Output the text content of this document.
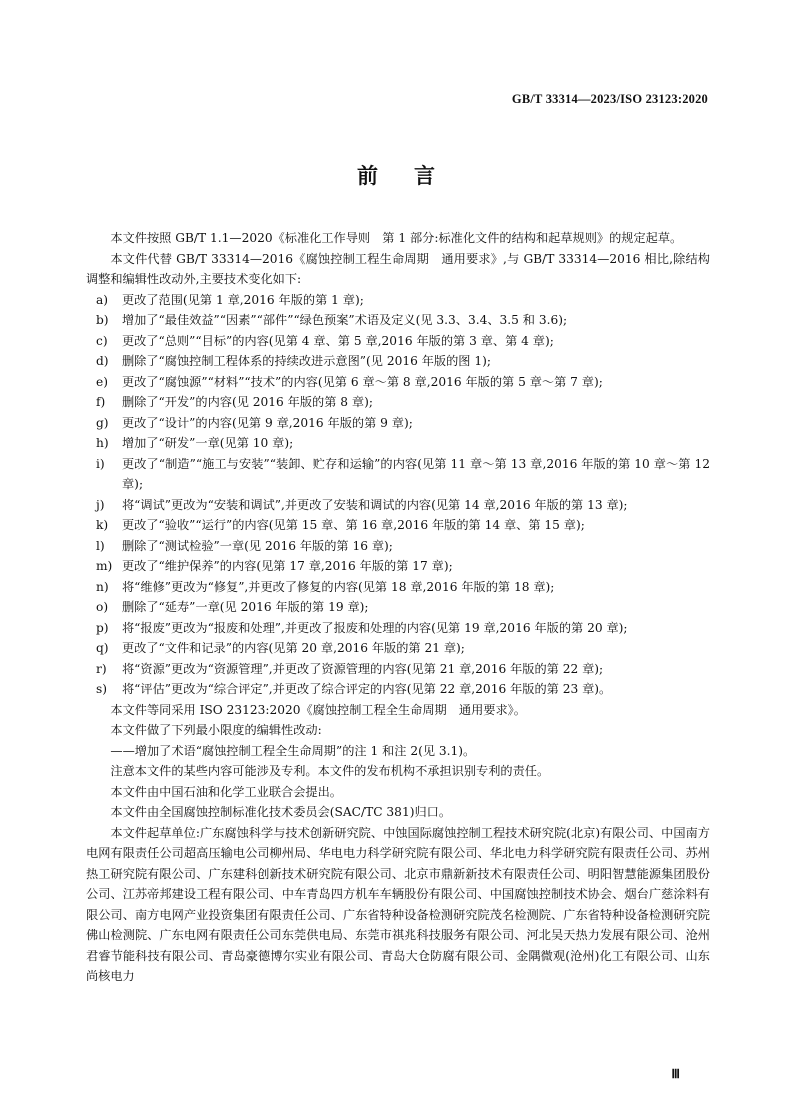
GB/T 33314—2023/ISO 23123:2020
前言

本文件按照 GB/T 1.1—2020《标准化工作导则　第 1 部分:标准化文件的结构和起草规则》的规定起草。

本文件代替 GB/T 33314—2016《腐蚀控制工程生命周期　通用要求》,与 GB/T 33314—2016 相比,除结构调整和编辑性改动外,主要技术变化如下:

a)	更改了范围(见第 1 章,2016 年版的第 1 章);

b)	增加了“最佳效益”“因素”“部件”“绿色预案”术语及定义(见 3.3、3.4、3.5 和 3.6);

c)	更改了“总则”“目标”的内容(见第 4 章、第 5 章,2016 年版的第 3 章、第 4 章);

d)	删除了“腐蚀控制工程体系的持续改进示意图”(见 2016 年版的图 1);

e)	更改了“腐蚀源”“材料”“技术”的内容(见第 6 章～第 8 章,2016 年版的第 5 章～第 7 章);

f)	删除了“开发”的内容(见 2016 年版的第 8 章);

g)	更改了“设计”的内容(见第 9 章,2016 年版的第 9 章);

h)	增加了“研发”一章(见第 10 章);

i)	更改了“制造”“施工与安装”“装卸、贮存和运输”的内容(见第 11 章～第 13 章,2016 年版的第 10 章～第 12 章);

j)	将“调试”更改为“安装和调试”,并更改了安装和调试的内容(见第 14 章,2016 年版的第 13 章);

k)	更改了“验收”“运行”的内容(见第 15 章、第 16 章,2016 年版的第 14 章、第 15 章);

l)	删除了“测试检验”一章(见 2016 年版的第 16 章);

m) 更改了“维护保养”的内容(见第 17 章,2016 年版的第 17 章);

n)	将“维修”更改为“修复”,并更改了修复的内容(见第 18 章,2016 年版的第 18 章);

o)	删除了“延寿”一章(见 2016 年版的第 19 章);

p)	将“报废”更改为“报废和处理”,并更改了报废和处理的内容(见第 19 章,2016 年版的第 20 章);

q)	更改了“文件和记录”的内容(见第 20 章,2016 年版的第 21 章);

r)	将“资源”更改为“资源管理”,并更改了资源管理的内容(见第 21 章,2016 年版的第 22 章);

s)	将“评估”更改为“综合评定”,并更改了综合评定的内容(见第 22 章,2016 年版的第 23 章)。

本文件等同采用 ISO 23123:2020《腐蚀控制工程全生命周期　通用要求》。

本文件做了下列最小限度的编辑性改动:

——增加了术语“腐蚀控制工程全生命周期”的注 1 和注 2(见 3.1)。

注意本文件的某些内容可能涉及专利。本文件的发布机构不承担识别专利的责任。

本文件由中国石油和化学工业联合会提出。

本文件由全国腐蚀控制标准化技术委员会(SAC/TC 381)归口。

本文件起草单位:广东腐蚀科学与技术创新研究院、中蚀国际腐蚀控制工程技术研究院(北京)有限公司、中国南方电网有限责任公司超高压输电公司柳州局、华电电力科学研究院有限公司、华北电力科学研究院有限责任公司、苏州热工研究院有限公司、广东建科创新技术研究院有限公司、北京市鼎新新技术有限责任公司、明阳智慧能源集团股份公司、江苏帝邦建设工程有限公司、中车青岛四方机车车辆股份有限公司、中国腐蚀控制技术协会、烟台广慈涂料有限公司、南方电网产业投资集团有限责任公司、广东省特种设备检测研究院茂名检测院、广东省特种设备检测研究院佛山检测院、广东电网有限责任公司东莞供电局、东莞市祺兆科技服务有限公司、河北吴天热力发展有限公司、沧州君睿节能科技有限公司、青岛豪德博尔实业有限公司、青岛大仓防腐有限公司、金隅微观(沧州)化工有限公司、山东尚核电力

Ⅲ
